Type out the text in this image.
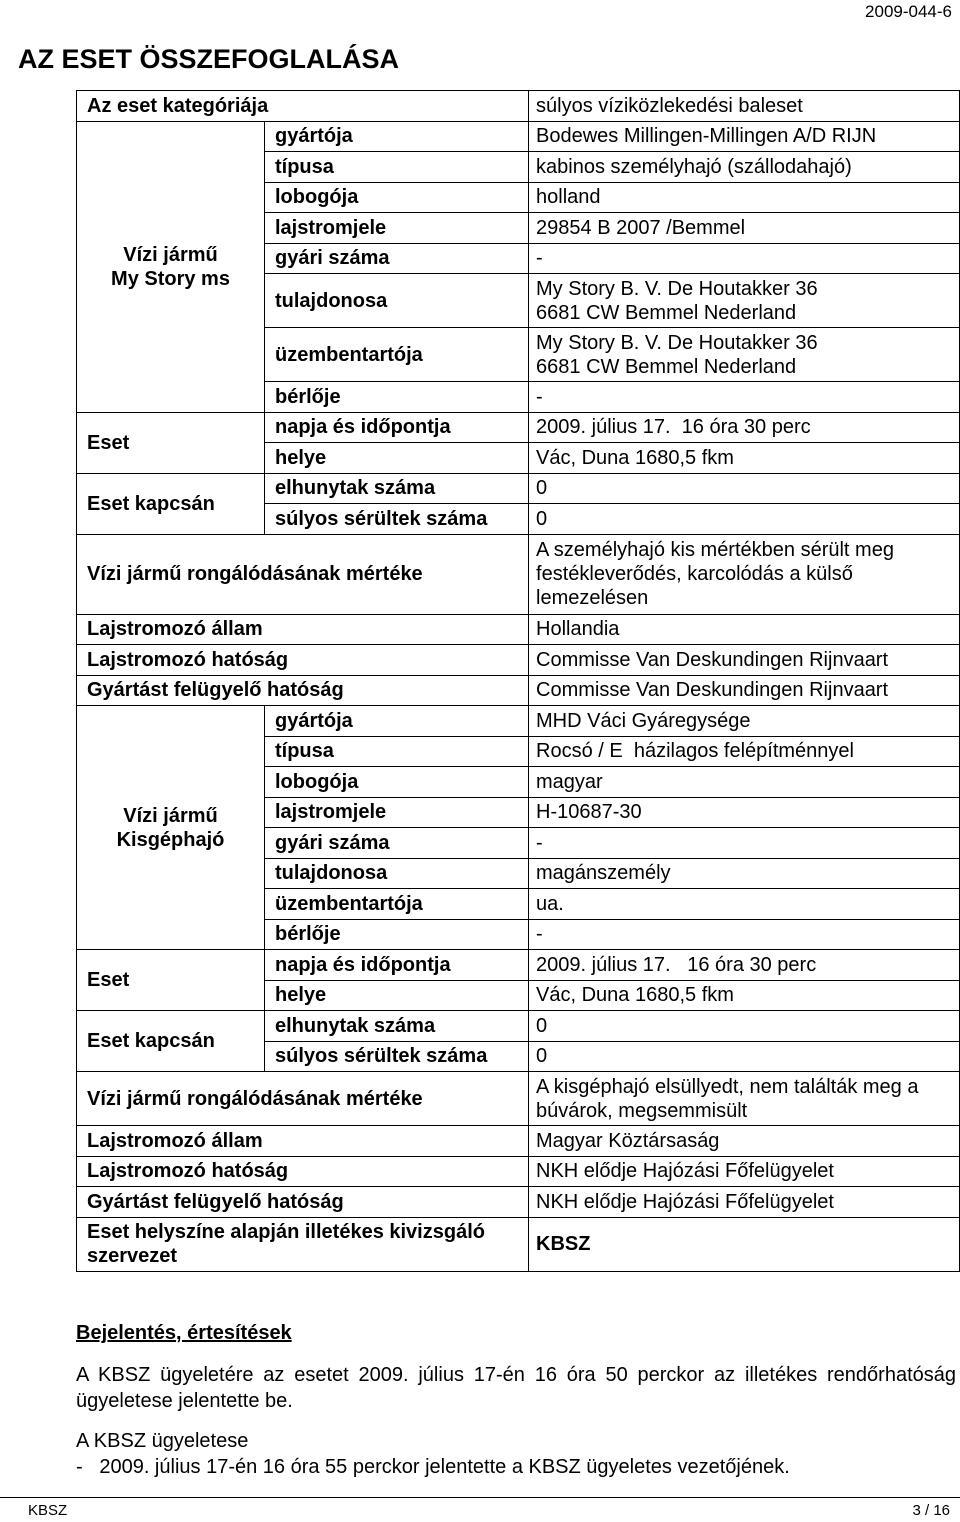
2009-044-6
AZ ESET ÖSSZEFOGLALÁSA
Az eset kategóriája		súlyos víziközlekedési baleset
Vízi jármű
My Story ms	gyártója	Bodewes Millingen-Millingen A/D RIJN
	típusa	kabinos személyhajó (szállodahajó)
	lobogója	holland
	lajstromjele	29854 B 2007 /Bemmel
	gyári száma	-
	tulajdonosa	My Story B. V. De Houtakker 36
6681 CW Bemmel Nederland
	üzembentartója	My Story B. V. De Houtakker 36
6681 CW Bemmel Nederland
	bérlője	-
Eset	napja és időpontja	2009. július 17.  16 óra 30 perc
	helye	Vác, Duna 1680,5 fkm
Eset kapcsán	elhunytak száma	0
	súlyos sérültek száma	0
Vízi jármű rongálódásának mértéke		A személyhajó kis mértékben sérült meg festékleverődés, karcolódás a külső lemezelésen
Lajstromozó állam		Hollandia
Lajstromozó hatóság		Commisse Van Deskundingen Rijnvaart
Gyártást felügyelő hatóság		Commisse Van Deskundingen Rijnvaart
Vízi jármű
Kisgéphajó	gyártója	MHD Váci Gyáregysége
	típusa	Rocsó / E  házilagos felépítménnyel
	lobogója	magyar
	lajstromjele	H-10687-30
	gyári száma	-
	tulajdonosa	magánszemély
	üzembentartója	ua.
	bérlője	-
Eset	napja és időpontja	2009. július 17.   16 óra 30 perc
	helye	Vác, Duna 1680,5 fkm
Eset kapcsán	elhunytak száma	0
	súlyos sérültek száma	0
Vízi jármű rongálódásának mértéke		A kisgéphajó elsüllyedt, nem találták meg a búvárok, megsemmisült
Lajstromozó állam		Magyar Köztársaság
Lajstromozó hatóság		NKH elődje Hajózási Főfelügyelet
Gyártást felügyelő hatóság		NKH elődje Hajózási Főfelügyelet
Eset helyszíne alapján illetékes kivizsgáló szervezet		KBSZ
Bejelentés, értesítések

A KBSZ ügyeletére az esetet 2009. július 17-én 16 óra 50 perckor az illetékes rendőrhatóság ügyeletese jelentette be.

A KBSZ ügyeletese

-   2009. július 17-én 16 óra 55 perckor jelentette a KBSZ ügyeletes vezetőjének.

KBSZ	3 / 16
